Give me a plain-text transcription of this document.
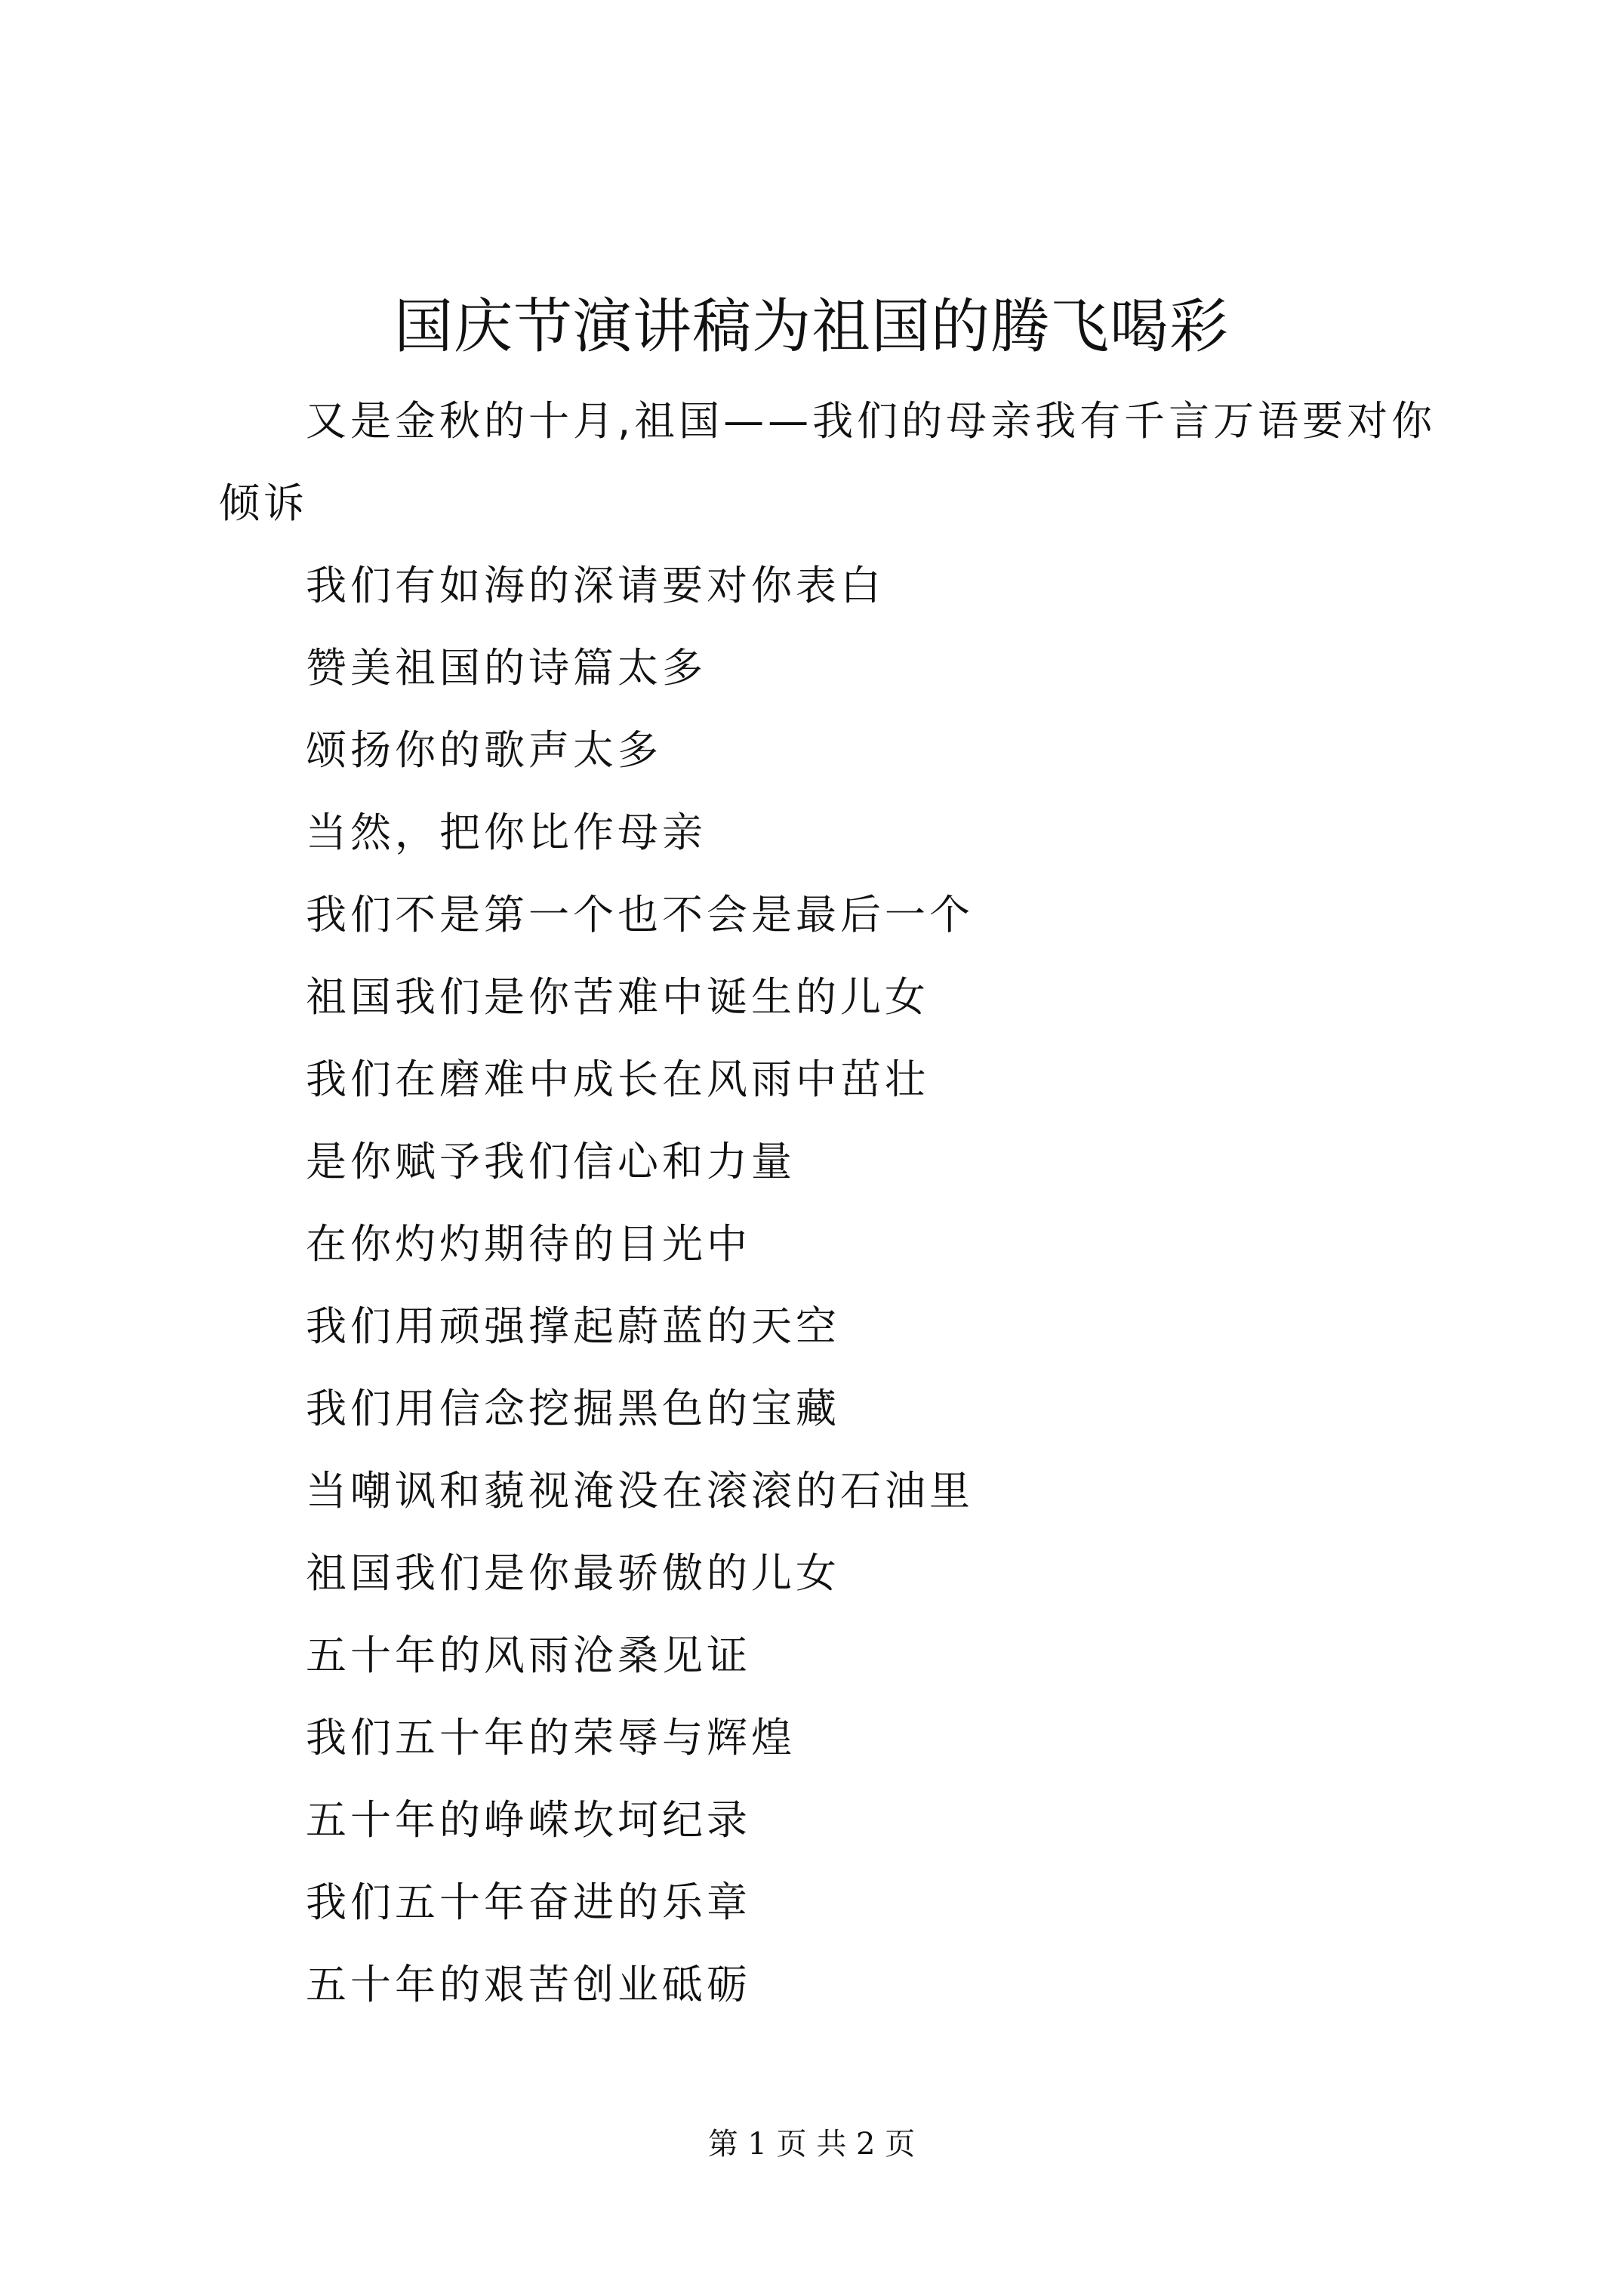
国庆节演讲稿为祖国的腾飞喝彩

又是金秋的十月,祖国——我们的母亲我有千言万语要对你倾诉

我们有如海的深请要对你表白
赞美祖国的诗篇太多
颂扬你的歌声太多
当然，把你比作母亲
我们不是第一个也不会是最后一个
祖国我们是你苦难中诞生的儿女
我们在磨难中成长在风雨中茁壮
是你赋予我们信心和力量
在你灼灼期待的目光中
我们用顽强撑起蔚蓝的天空
我们用信念挖掘黑色的宝藏
当嘲讽和藐视淹没在滚滚的石油里
祖国我们是你最骄傲的儿女
五十年的风雨沧桑见证
我们五十年的荣辱与辉煌
五十年的峥嵘坎坷纪录
我们五十年奋进的乐章
五十年的艰苦创业砥砺
第 1 页 共 2 页
